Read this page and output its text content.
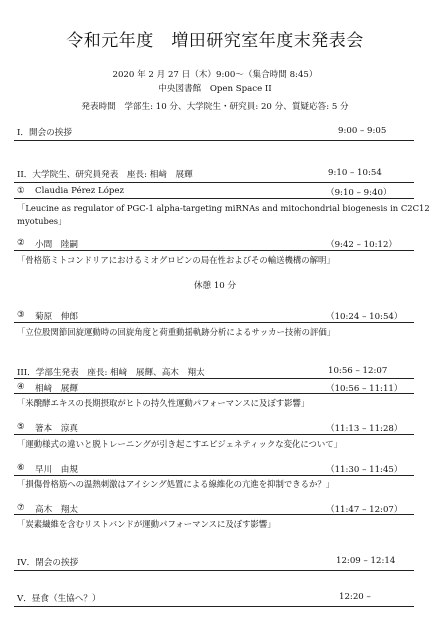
令和元年度　増田研究室年度末発表会
2020 年 2 月 27 日（木）9:00～（集合時間 8:45）
中央図書館　Open Space II
発表時間　学部生: 10 分、大学院生・研究員: 20 分、質疑応答: 5 分
I．開会の挨拶	9:00 – 9:05
II．大学院生、研究員発表　座長: 相﨑　展輝	9:10 – 10:54
① Claudia Pérez López	（9:10 – 9:40）
「Leucine as regulator of PGC-1 alpha-targeting miRNAs and mitochondrial biogenesis in C2C12
myotubes」
② 小間　陸嗣	（9:42 – 10:12）
「骨格筋ミトコンドリアにおけるミオグロビンの局在性およびその輸送機構の解明」
休憩 10 分
③ 菊原　伸郎	（10:24 – 10:54）
「立位股関節回旋運動時の回旋角度と荷重動揺軌跡分析によるサッカー技術の評価」
III．学部生発表　座長: 相﨑　展輝、高木　翔太	10:56 – 12:07
④ 相﨑　展輝	（10:56 – 11:11）
「米醗酵エキスの長期摂取がヒトの持久性運動パフォーマンスに及ぼす影響」
⑤ 箸本　涼真	（11:13 – 11:28）
「運動様式の違いと脱トレーニングが引き起こすエピジェネティックな変化について」
⑥ 早川　由規	（11:30 – 11:45）
「損傷骨格筋への温熱刺激はアイシング処置による線維化の亢進を抑制できるか？」
⑦ 高木　翔太	（11:47 – 12:07）
「炭素繊維を含むリストバンドが運動パフォーマンスに及ぼす影響」
IV．閉会の挨拶	12:09 – 12:14
V．昼食（生協へ？）	12:20 –
